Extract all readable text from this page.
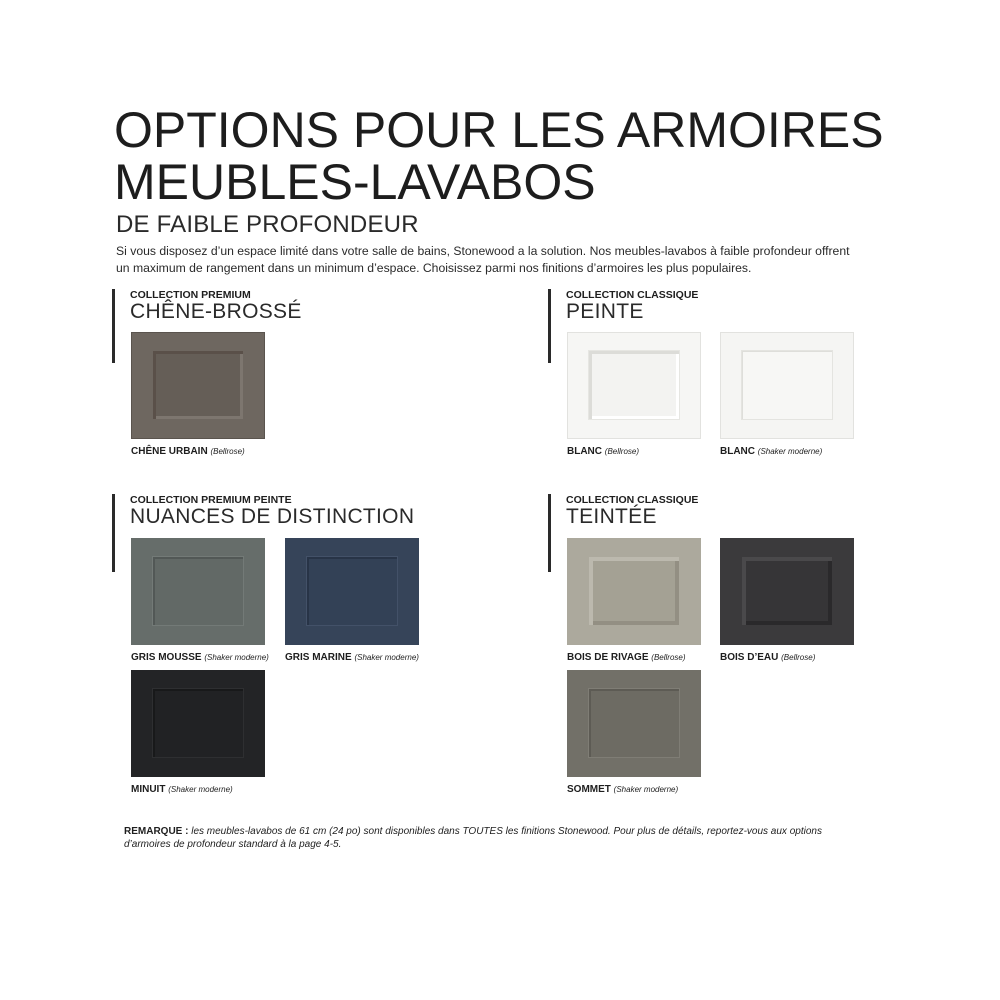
OPTIONS POUR LES ARMOIRES
MEUBLES-LAVABOS
DE FAIBLE PROFONDEUR
Si vous disposez d’un espace limité dans votre salle de bains, Stonewood a la solution. Nos meubles-lavabos à faible profondeur offrent un maximum de rangement dans un minimum d’espace. Choisissez parmi nos finitions d’armoires les plus populaires.
COLLECTION PREMIUM
CHÊNE-BROSSÉ
CHÊNE URBAIN (Bellrose)
COLLECTION CLASSIQUE
PEINTE
BLANC (Bellrose)	BLANC (Shaker moderne)
COLLECTION PREMIUM PEINTE
NUANCES DE DISTINCTION
GRIS MOUSSE (Shaker moderne) GRIS MARINE (Shaker moderne)
MINUIT (Shaker moderne)
COLLECTION CLASSIQUE
TEINTÉE
BOIS DE RIVAGE (Bellrose)	BOIS D’EAU (Bellrose)
SOMMET (Shaker moderne)
REMARQUE : les meubles-lavabos de 61 cm (24 po) sont disponibles dans TOUTES les finitions Stonewood. Pour plus de détails, reportez-vous aux options d’armoires de profondeur standard à la page 4-5.
